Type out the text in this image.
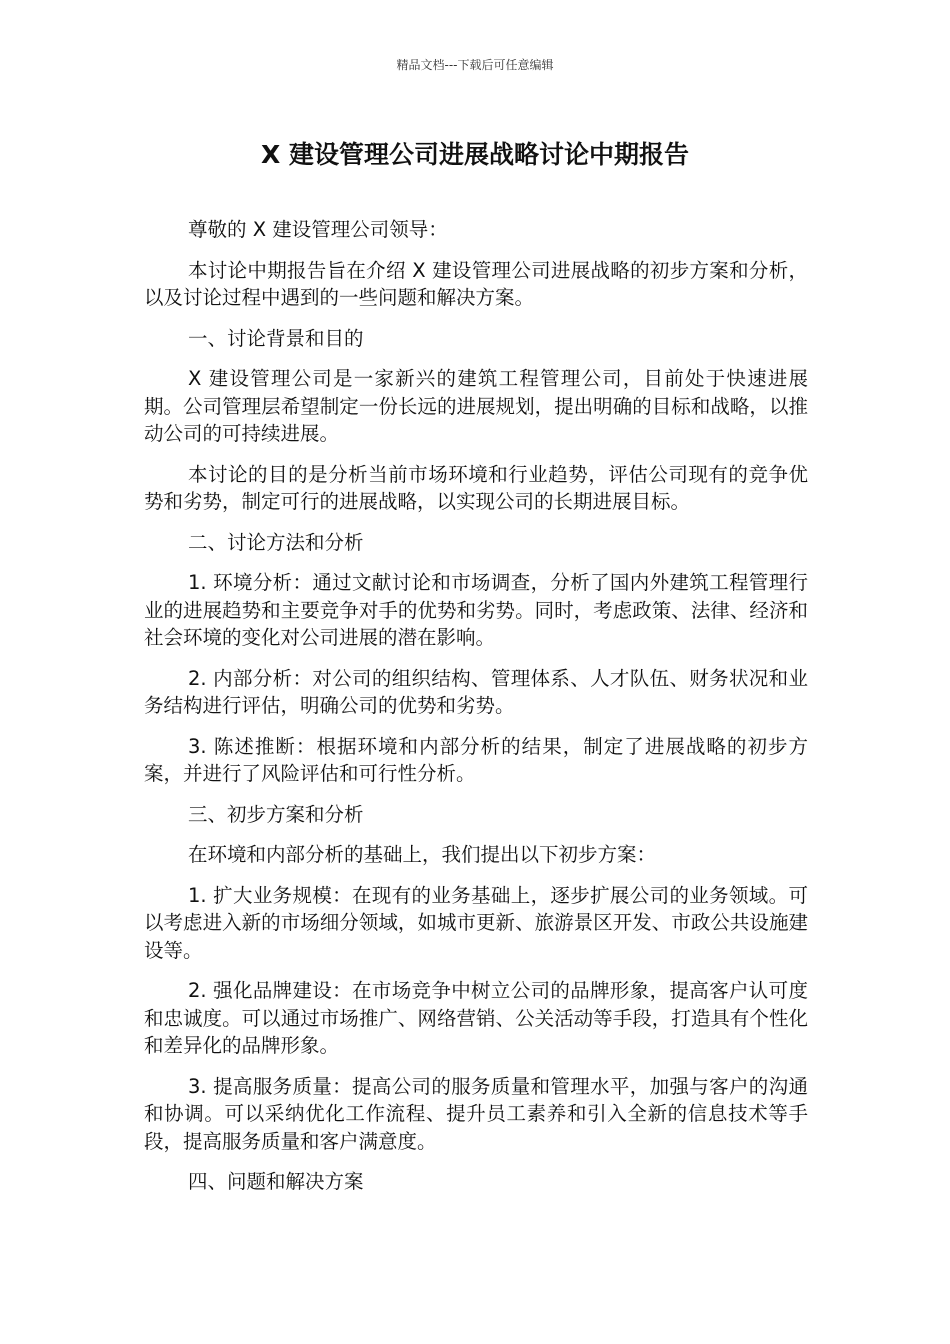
精品文档---下载后可任意编辑
X 建设管理公司进展战略讨论中期报告

尊敬的 X 建设管理公司领导：

本讨论中期报告旨在介绍 X 建设管理公司进展战略的初步方案和分析，以及讨论过程中遇到的一些问题和解决方案。

一、讨论背景和目的

X 建设管理公司是一家新兴的建筑工程管理公司，目前处于快速进展期。公司管理层希望制定一份长远的进展规划，提出明确的目标和战略，以推动公司的可持续进展。

本讨论的目的是分析当前市场环境和行业趋势，评估公司现有的竞争优势和劣势，制定可行的进展战略，以实现公司的长期进展目标。

二、讨论方法和分析

1. 环境分析：通过文献讨论和市场调查，分析了国内外建筑工程管理行业的进展趋势和主要竞争对手的优势和劣势。同时，考虑政策、法律、经济和社会环境的变化对公司进展的潜在影响。

2. 内部分析：对公司的组织结构、管理体系、人才队伍、财务状况和业务结构进行评估，明确公司的优势和劣势。

3. 陈述推断：根据环境和内部分析的结果，制定了进展战略的初步方案，并进行了风险评估和可行性分析。

三、初步方案和分析

在环境和内部分析的基础上，我们提出以下初步方案：

1. 扩大业务规模：在现有的业务基础上，逐步扩展公司的业务领域。可以考虑进入新的市场细分领域，如城市更新、旅游景区开发、市政公共设施建设等。

2. 强化品牌建设：在市场竞争中树立公司的品牌形象，提高客户认可度和忠诚度。可以通过市场推广、网络营销、公关活动等手段，打造具有个性化和差异化的品牌形象。

3. 提高服务质量：提高公司的服务质量和管理水平，加强与客户的沟通和协调。可以采纳优化工作流程、提升员工素养和引入全新的信息技术等手段，提高服务质量和客户满意度。

四、问题和解决方案
